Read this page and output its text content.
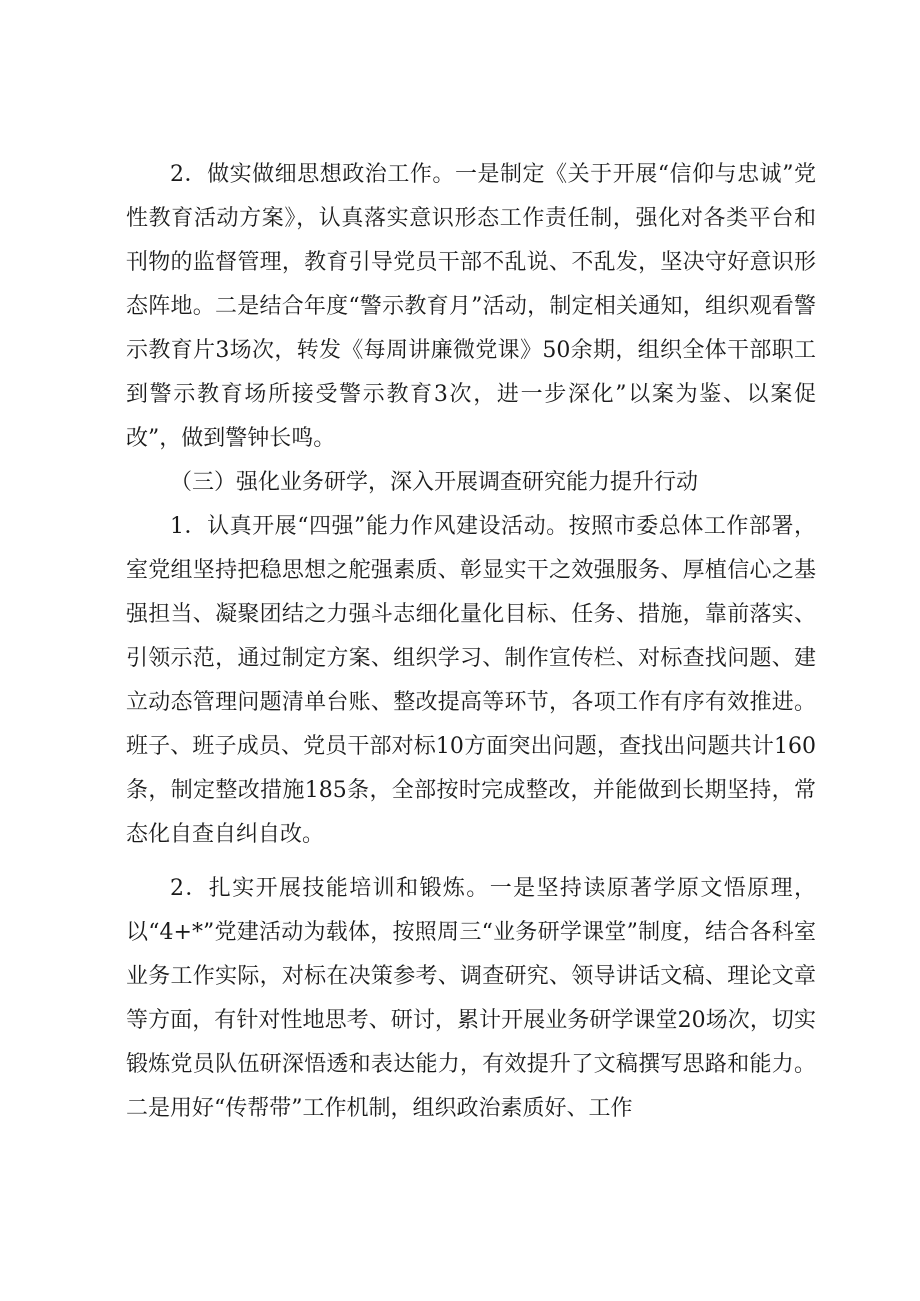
2．做实做细思想政治工作。一是制定《关于开展“信仰与忠诚”党性教育活动方案》，认真落实意识形态工作责任制，强化对各类平台和刊物的监督管理，教育引导党员干部不乱说、不乱发，坚决守好意识形态阵地。二是结合年度“警示教育月”活动，制定相关通知，组织观看警示教育片3场次，转发《每周讲廉微党课》50余期，组织全体干部职工到警示教育场所接受警示教育3次，进一步深化”以案为鉴、以案促改”，做到警钟长鸣。

（三）强化业务研学，深入开展调查研究能力提升行动

1．认真开展“四强”能力作风建设活动。按照市委总体工作部署，室党组坚持把稳思想之舵强素质、彰显实干之效强服务、厚植信心之基强担当、凝聚团结之力强斗志细化量化目标、任务、措施，靠前落实、引领示范，通过制定方案、组织学习、制作宣传栏、对标查找问题、建立动态管理问题清单台账、整改提高等环节，各项工作有序有效推进。班子、班子成员、党员干部对标10方面突出问题，查找出问题共计160条，制定整改措施185条，全部按时完成整改，并能做到长期坚持，常态化自查自纠自改。

2．扎实开展技能培训和锻炼。一是坚持读原著学原文悟原理，以“4+*”党建活动为载体，按照周三“业务研学课堂”制度，结合各科室业务工作实际，对标在决策参考、调查研究、领导讲话文稿、理论文章等方面，有针对性地思考、研讨，累计开展业务研学课堂20场次，切实锻炼党员队伍研深悟透和表达能力，有效提升了文稿撰写思路和能力。二是用好“传帮带”工作机制，组织政治素质好、工作
